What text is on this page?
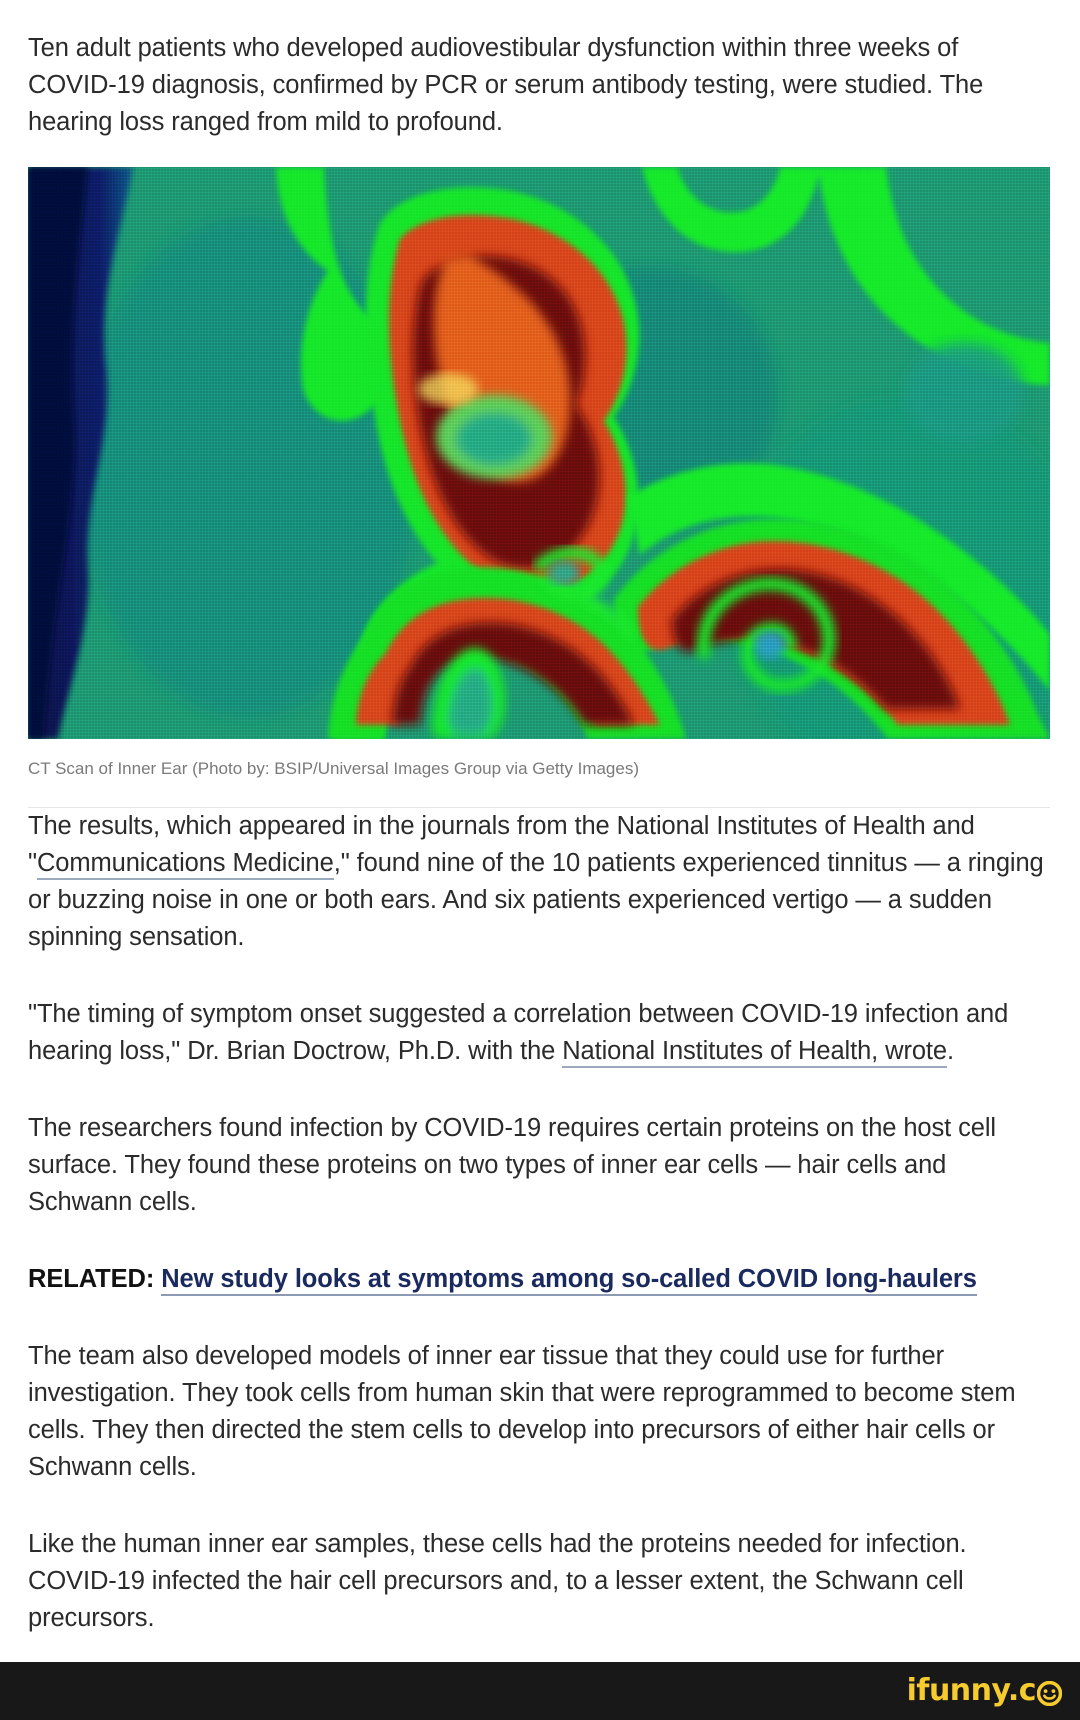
Ten adult patients who developed audiovestibular dysfunction within three weeks of COVID-19 diagnosis, confirmed by PCR or serum antibody testing, were studied. The hearing loss ranged from mild to profound.

CT Scan of Inner Ear (Photo by: BSIP/Universal Images Group via Getty Images)

The results, which appeared in the journals from the National Institutes of Health and "Communications Medicine," found nine of the 10 patients experienced tinnitus — a ringing or buzzing noise in one or both ears. And six patients experienced vertigo — a sudden spinning sensation.

"The timing of symptom onset suggested a correlation between COVID-19 infection and hearing loss," Dr. Brian Doctrow, Ph.D. with the National Institutes of Health, wrote.

The researchers found infection by COVID-19 requires certain proteins on the host cell surface. They found these proteins on two types of inner ear cells — hair cells and Schwann cells.

RELATED: New study looks at symptoms among so-called COVID long-haulers

The team also developed models of inner ear tissue that they could use for further investigation. They took cells from human skin that were reprogrammed to become stem cells. They then directed the stem cells to develop into precursors of either hair cells or Schwann cells.

Like the human inner ear samples, these cells had the proteins needed for infection. COVID-19 infected the hair cell precursors and, to a lesser extent, the Schwann cell precursors.

ifunny.c
